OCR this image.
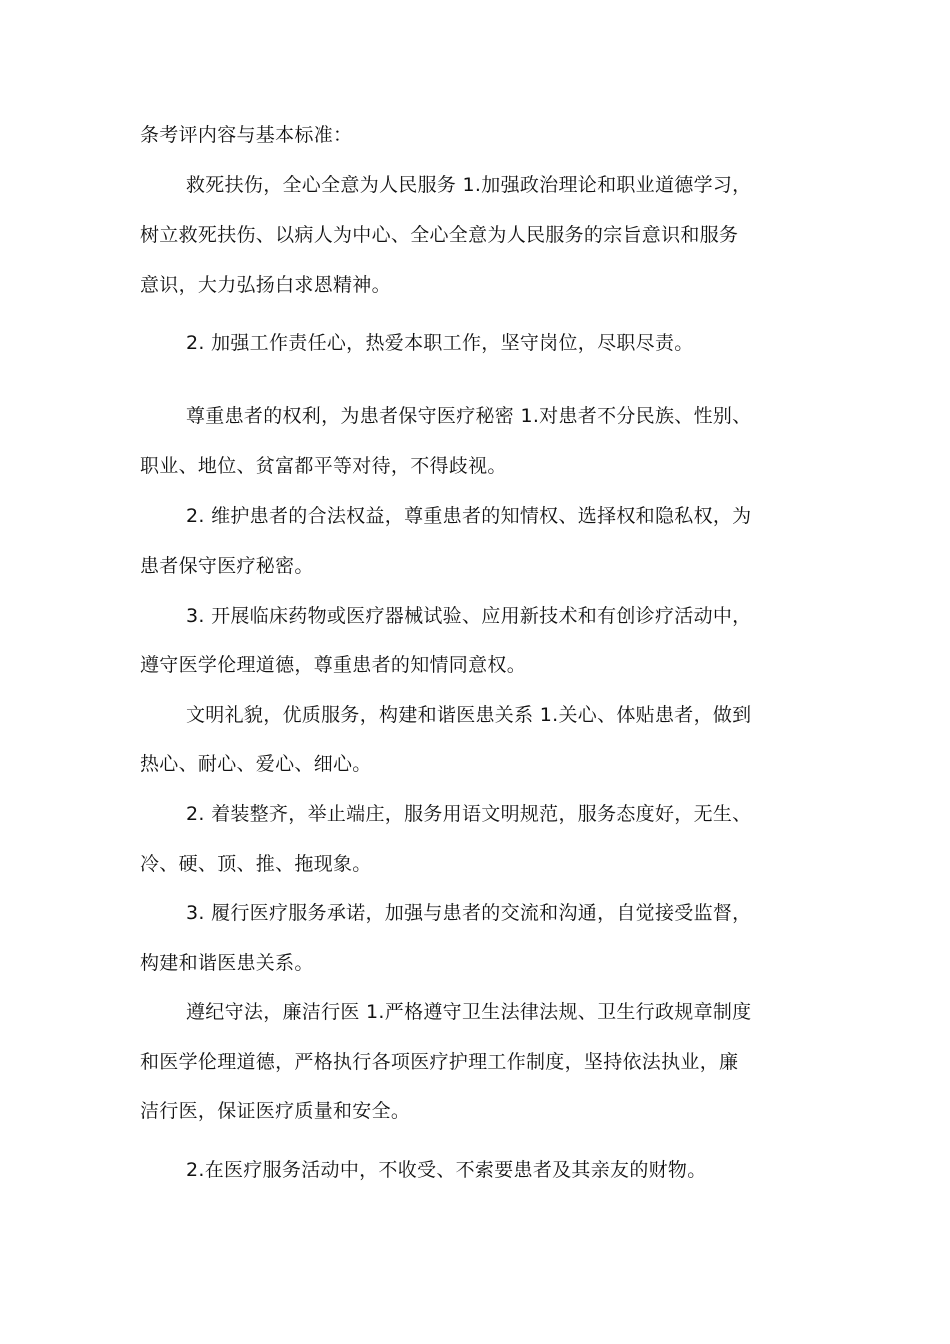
条考评内容与基本标准：
救死扶伤，全心全意为人民服务 1.加强政治理论和职业道德学习，
树立救死扶伤、以病人为中心、全心全意为人民服务的宗旨意识和服务
意识，大力弘扬白求恩精神。
2. 加强工作责任心，热爱本职工作，坚守岗位，尽职尽责。
尊重患者的权利，为患者保守医疗秘密 1.对患者不分民族、性别、
职业、地位、贫富都平等对待，不得歧视。
2. 维护患者的合法权益，尊重患者的知情权、选择权和隐私权，为
患者保守医疗秘密。
3. 开展临床药物或医疗器械试验、应用新技术和有创诊疗活动中，
遵守医学伦理道德，尊重患者的知情同意权。
文明礼貌，优质服务，构建和谐医患关系 1.关心、体贴患者，做到
热心、耐心、爱心、细心。
2. 着装整齐，举止端庄，服务用语文明规范，服务态度好，无生、
冷、硬、顶、推、拖现象。
3. 履行医疗服务承诺，加强与患者的交流和沟通，自觉接受监督，
构建和谐医患关系。
遵纪守法，廉洁行医 1.严格遵守卫生法律法规、卫生行政规章制度
和医学伦理道德，严格执行各项医疗护理工作制度，坚持依法执业，廉
洁行医，保证医疗质量和安全。
2.在医疗服务活动中，不收受、不索要患者及其亲友的财物。
